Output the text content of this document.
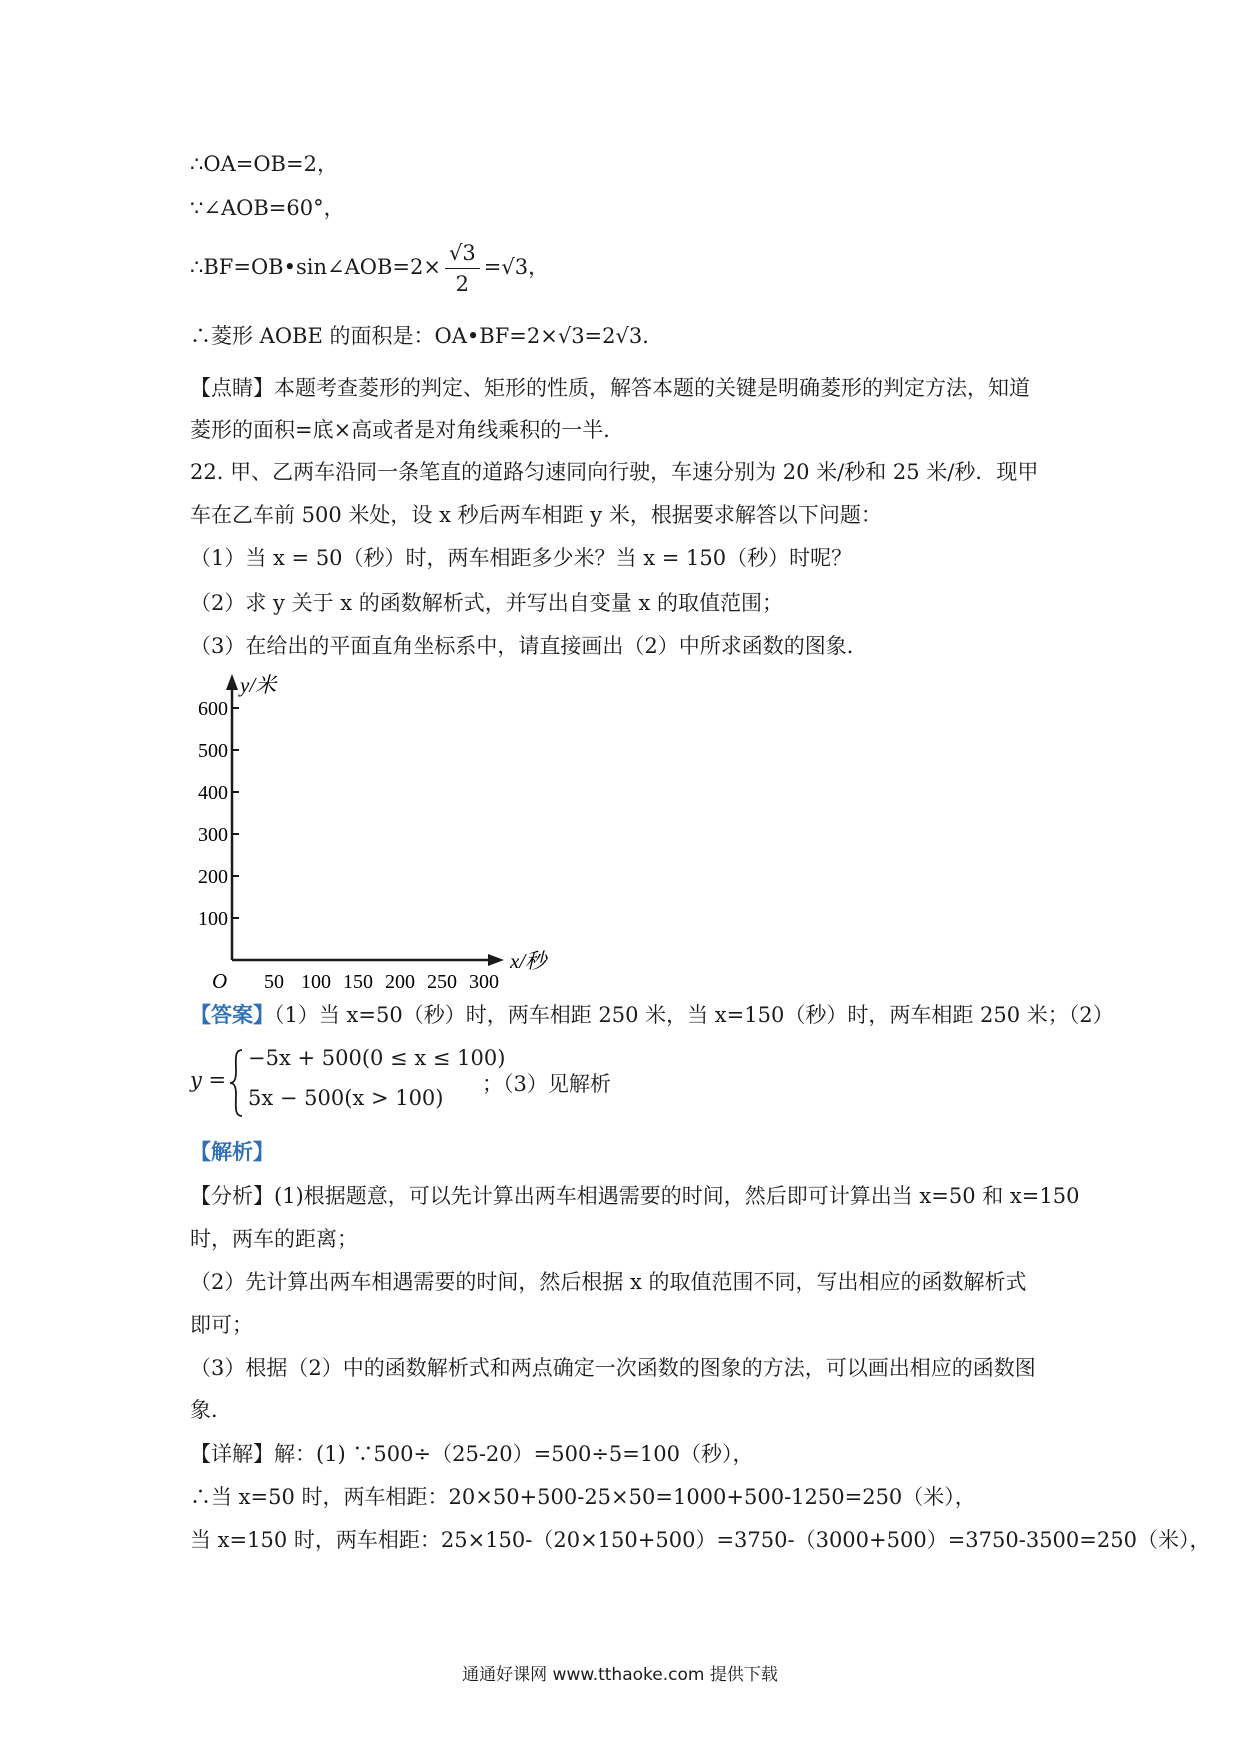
∴OA=OB=2，
∵∠AOB=60°，
∴BF=OB•sin∠AOB=2× $\frac{√3}{2} =√3$，
∴菱形 AOBE 的面积是：OA•BF=2×√3=2√3．
【点睛】本题考查菱形的判定、矩形的性质，解答本题的关键是明确菱形的判定方法，知道
菱形的面积=底×高或者是对角线乘积的一半．
22. 甲、乙两车沿同一条笔直的道路匀速同向行驶，车速分别为 20 米/秒和 25 米/秒．现甲
车在乙车前 500 米处，设 x 秒后两车相距 y 米，根据要求解答以下问题：
（1）当 x = 50（秒）时，两车相距多少米？当 x = 150（秒）时呢？
（2）求 y 关于 x 的函数解析式，并写出自变量 x 的取值范围；
（3）在给出的平面直角坐标系中，请直接画出（2）中所求函数的图象．
100
200
300
400
500
600
50 100 150 200 250 300
y/米
x/秒
O
【答案】（1）当 x=50（秒）时，两车相距 250 米，当 x=150（秒）时，两车相距 250 米；（2）
y =
−5x + 500(0 ≤ x ≤ 100)
5x − 500(x > 100)
；（3）见解析
【解析】
【分析】(1)根据题意，可以先计算出两车相遇需要的时间，然后即可计算出当 x=50 和 x=150
时，两车的距离；
（2）先计算出两车相遇需要的时间，然后根据 x 的取值范围不同，写出相应的函数解析式
即可；
（3）根据（2）中的函数解析式和两点确定一次函数的图象的方法，可以画出相应的函数图
象．
【详解】解：(1) ∵500÷（25-20）=500÷5=100（秒），
∴当 x=50 时，两车相距：20×50+500-25×50=1000+500-1250=250（米），
当 x=150 时，两车相距：25×150-（20×150+500）=3750-（3000+500）=3750-3500=250（米），
通通好课网 www.tthaoke.com 提供下载
